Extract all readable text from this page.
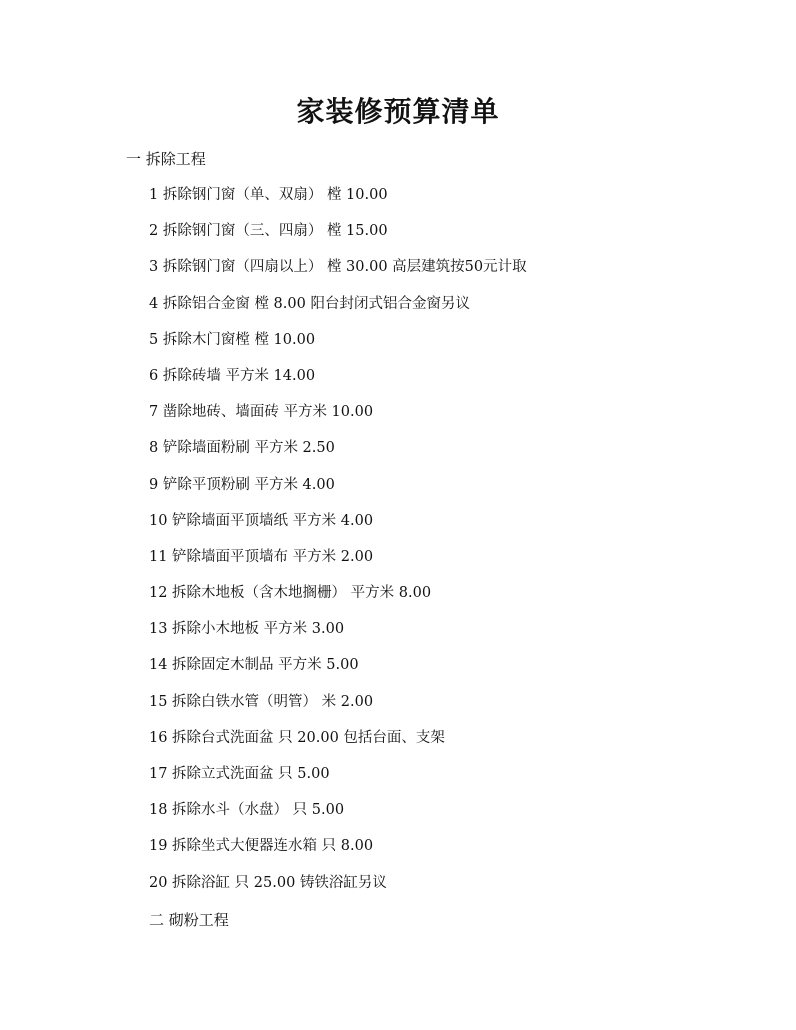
家装修预算清单
一 拆除工程
1 拆除钢门窗（单、双扇） 樘 10.00
2 拆除钢门窗（三、四扇） 樘 15.00
3 拆除钢门窗（四扇以上） 樘 30.00 高层建筑按50元计取
4 拆除铝合金窗 樘 8.00 阳台封闭式铝合金窗另议
5 拆除木门窗樘 樘 10.00
6 拆除砖墙 平方米 14.00
7 凿除地砖、墙面砖 平方米 10.00
8 铲除墙面粉刷 平方米 2.50
9 铲除平顶粉刷 平方米 4.00
10 铲除墙面平顶墙纸 平方米 4.00
11 铲除墙面平顶墙布 平方米 2.00
12 拆除木地板（含木地搁栅） 平方米 8.00
13 拆除小木地板 平方米 3.00
14 拆除固定木制品 平方米 5.00
15 拆除白铁水管（明管） 米 2.00
16 拆除台式洗面盆 只 20.00 包括台面、支架
17 拆除立式洗面盆 只 5.00
18 拆除水斗（水盘） 只 5.00
19 拆除坐式大便器连水箱 只 8.00
20 拆除浴缸 只 25.00 铸铁浴缸另议
二 砌粉工程
